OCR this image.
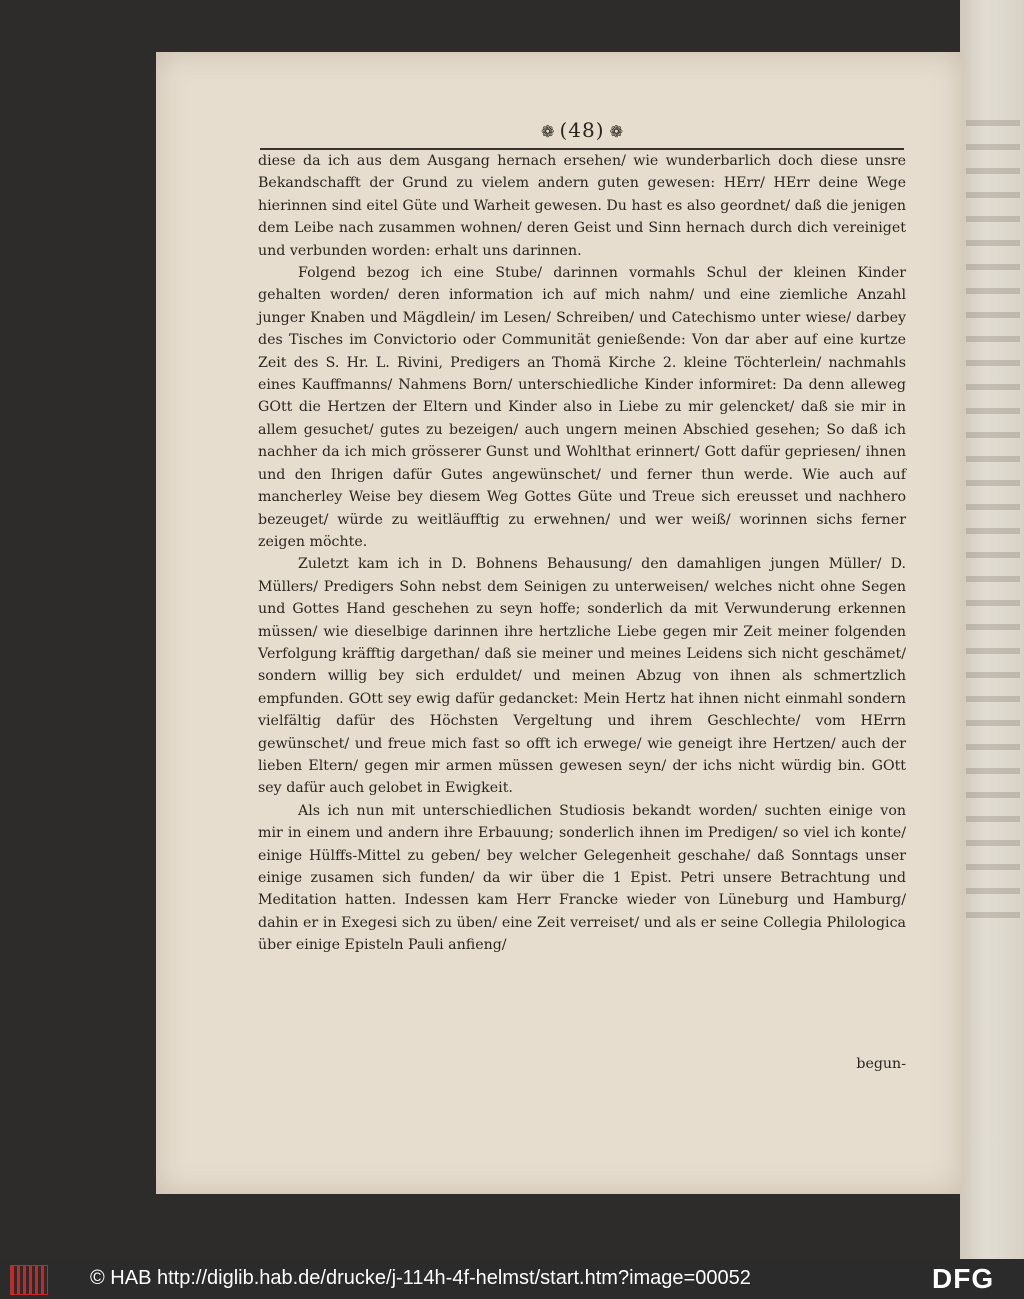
❁ (48) ❁

diese da ich aus dem Ausgang hernach ersehen/ wie wunderbarlich doch diese unsre Bekandschafft der Grund zu vielem andern guten gewesen: HErr/ HErr deine Wege hierinnen sind eitel Güte und Warheit gewesen. Du hast es also geordnet/ daß die jenigen dem Leibe nach zusammen wohnen/ deren Geist und Sinn hernach durch dich vereiniget und verbunden worden: erhalt uns darinnen.

Folgend bezog ich eine Stube/ darinnen vormahls Schul der kleinen Kinder gehalten worden/ deren information ich auf mich nahm/ und eine ziemliche Anzahl junger Knaben und Mägdlein/ im Lesen/ Schreiben/ und Catechismo unter wiese/ darbey des Tisches im Convictorio oder Communität genießende: Von dar aber auf eine kurtze Zeit des S. Hr. L. Rivini, Predigers an Thomä Kirche 2. kleine Töchterlein/ nachmahls eines Kauffmanns/ Nahmens Born/ unterschiedliche Kinder informiret: Da denn alleweg GOtt die Hertzen der Eltern und Kinder also in Liebe zu mir gelencket/ daß sie mir in allem gesuchet/ gutes zu bezeigen/ auch ungern meinen Abschied gesehen; So daß ich nachher da ich mich grösserer Gunst und Wohlthat erinnert/ Gott dafür gepriesen/ ihnen und den Ihrigen dafür Gutes angewünschet/ und ferner thun werde. Wie auch auf mancherley Weise bey diesem Weg Gottes Güte und Treue sich ereusset und nachhero bezeuget/ würde zu weitläufftig zu erwehnen/ und wer weiß/ worinnen sichs ferner zeigen möchte.

Zuletzt kam ich in D. Bohnens Behausung/ den damahligen jungen Müller/ D. Müllers/ Predigers Sohn nebst dem Seinigen zu unterweisen/ welches nicht ohne Segen und Gottes Hand geschehen zu seyn hoffe; sonderlich da mit Verwunderung erkennen müssen/ wie dieselbige darinnen ihre hertzliche Liebe gegen mir Zeit meiner folgenden Verfolgung kräfftig dargethan/ daß sie meiner und meines Leidens sich nicht geschämet/ sondern willig bey sich erduldet/ und meinen Abzug von ihnen als schmertzlich empfunden. GOtt sey ewig dafür gedancket: Mein Hertz hat ihnen nicht einmahl sondern vielfältig dafür des Höchsten Vergeltung und ihrem Geschlechte/ vom HErrn gewünschet/ und freue mich fast so offt ich erwege/ wie geneigt ihre Hertzen/ auch der lieben Eltern/ gegen mir armen müssen gewesen seyn/ der ichs nicht würdig bin. GOtt sey dafür auch gelobet in Ewigkeit.

Als ich nun mit unterschiedlichen Studiosis bekandt worden/ suchten einige von mir in einem und andern ihre Erbauung; sonderlich ihnen im Predigen/ so viel ich konte/ einige Hülffs-Mittel zu geben/ bey welcher Gelegenheit geschahe/ daß Sonntags unser einige zusamen sich funden/ da wir über die 1 Epist. Petri unsere Betrachtung und Meditation hatten. Indessen kam Herr Francke wieder von Lüneburg und Hamburg/ dahin er in Exegesi sich zu üben/ eine Zeit verreiset/ und als er seine Collegia Philologica über einige Episteln Pauli anfieng/

begun-
© HAB http://diglib.hab.de/drucke/j-114h-4f-helmst/start.htm?image=00052	DFG
